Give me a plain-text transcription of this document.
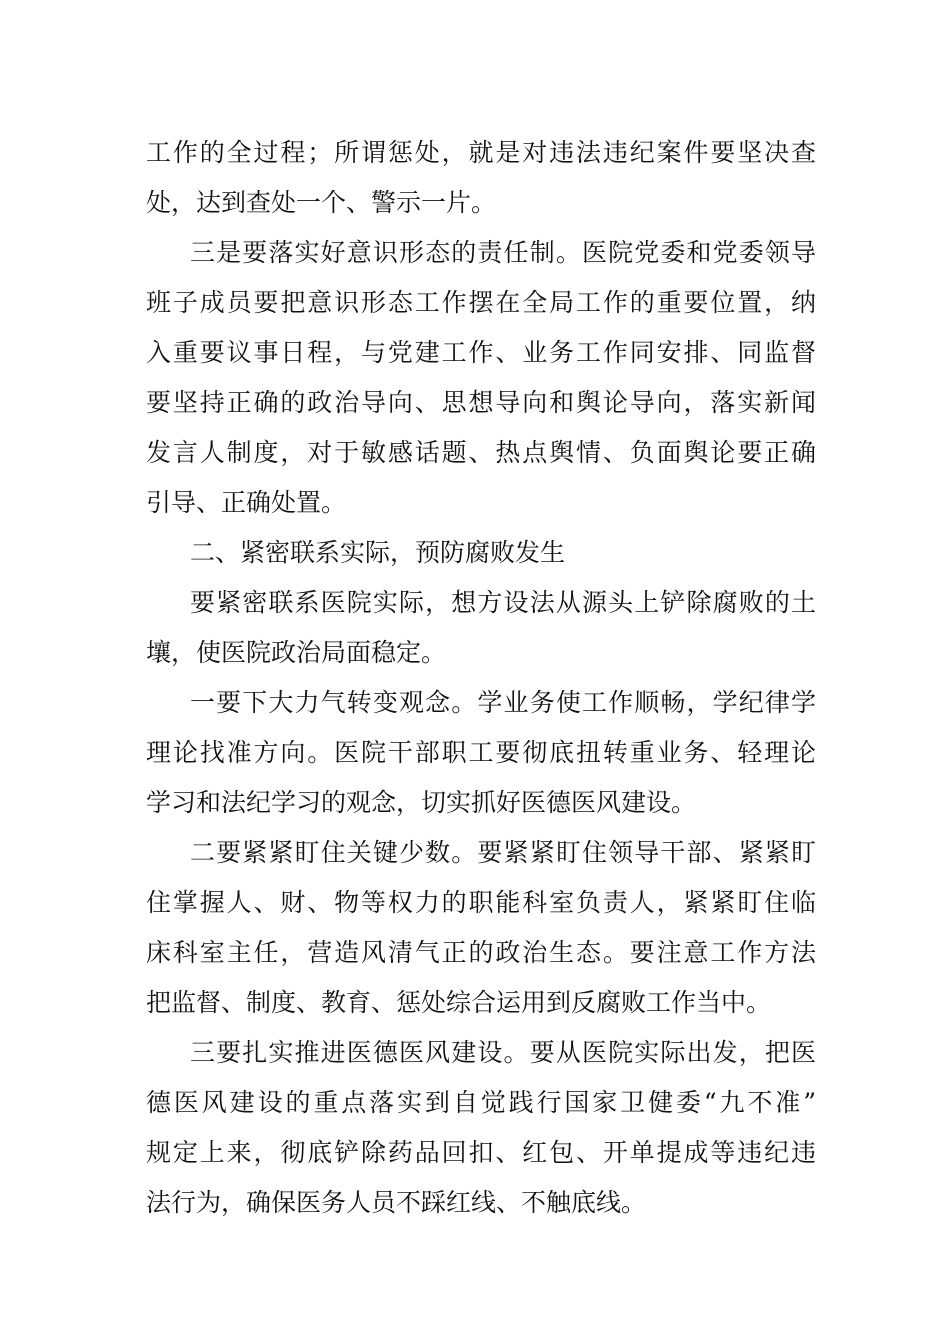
工作的全过程；所谓惩处，就是对违法违纪案件要坚决查
处，达到查处一个、警示一片。
三是要落实好意识形态的责任制。医院党委和党委领导
班子成员要把意识形态工作摆在全局工作的重要位置，纳
入重要议事日程，与党建工作、业务工作同安排、同监督
要坚持正确的政治导向、思想导向和舆论导向，落实新闻
发言人制度，对于敏感话题、热点舆情、负面舆论要正确
引导、正确处置。
二、紧密联系实际，预防腐败发生
要紧密联系医院实际，想方设法从源头上铲除腐败的土
壤，使医院政治局面稳定。
一要下大力气转变观念。学业务使工作顺畅，学纪律学
理论找准方向。医院干部职工要彻底扭转重业务、轻理论
学习和法纪学习的观念，切实抓好医德医风建设。
二要紧紧盯住关键少数。要紧紧盯住领导干部、紧紧盯
住掌握人、财、物等权力的职能科室负责人，紧紧盯住临
床科室主任，营造风清气正的政治生态。要注意工作方法
把监督、制度、教育、惩处综合运用到反腐败工作当中。
三要扎实推进医德医风建设。要从医院实际出发，把医
德医风建设的重点落实到自觉践行国家卫健委“九不准”
规定上来，彻底铲除药品回扣、红包、开单提成等违纪违
法行为，确保医务人员不踩红线、不触底线。
